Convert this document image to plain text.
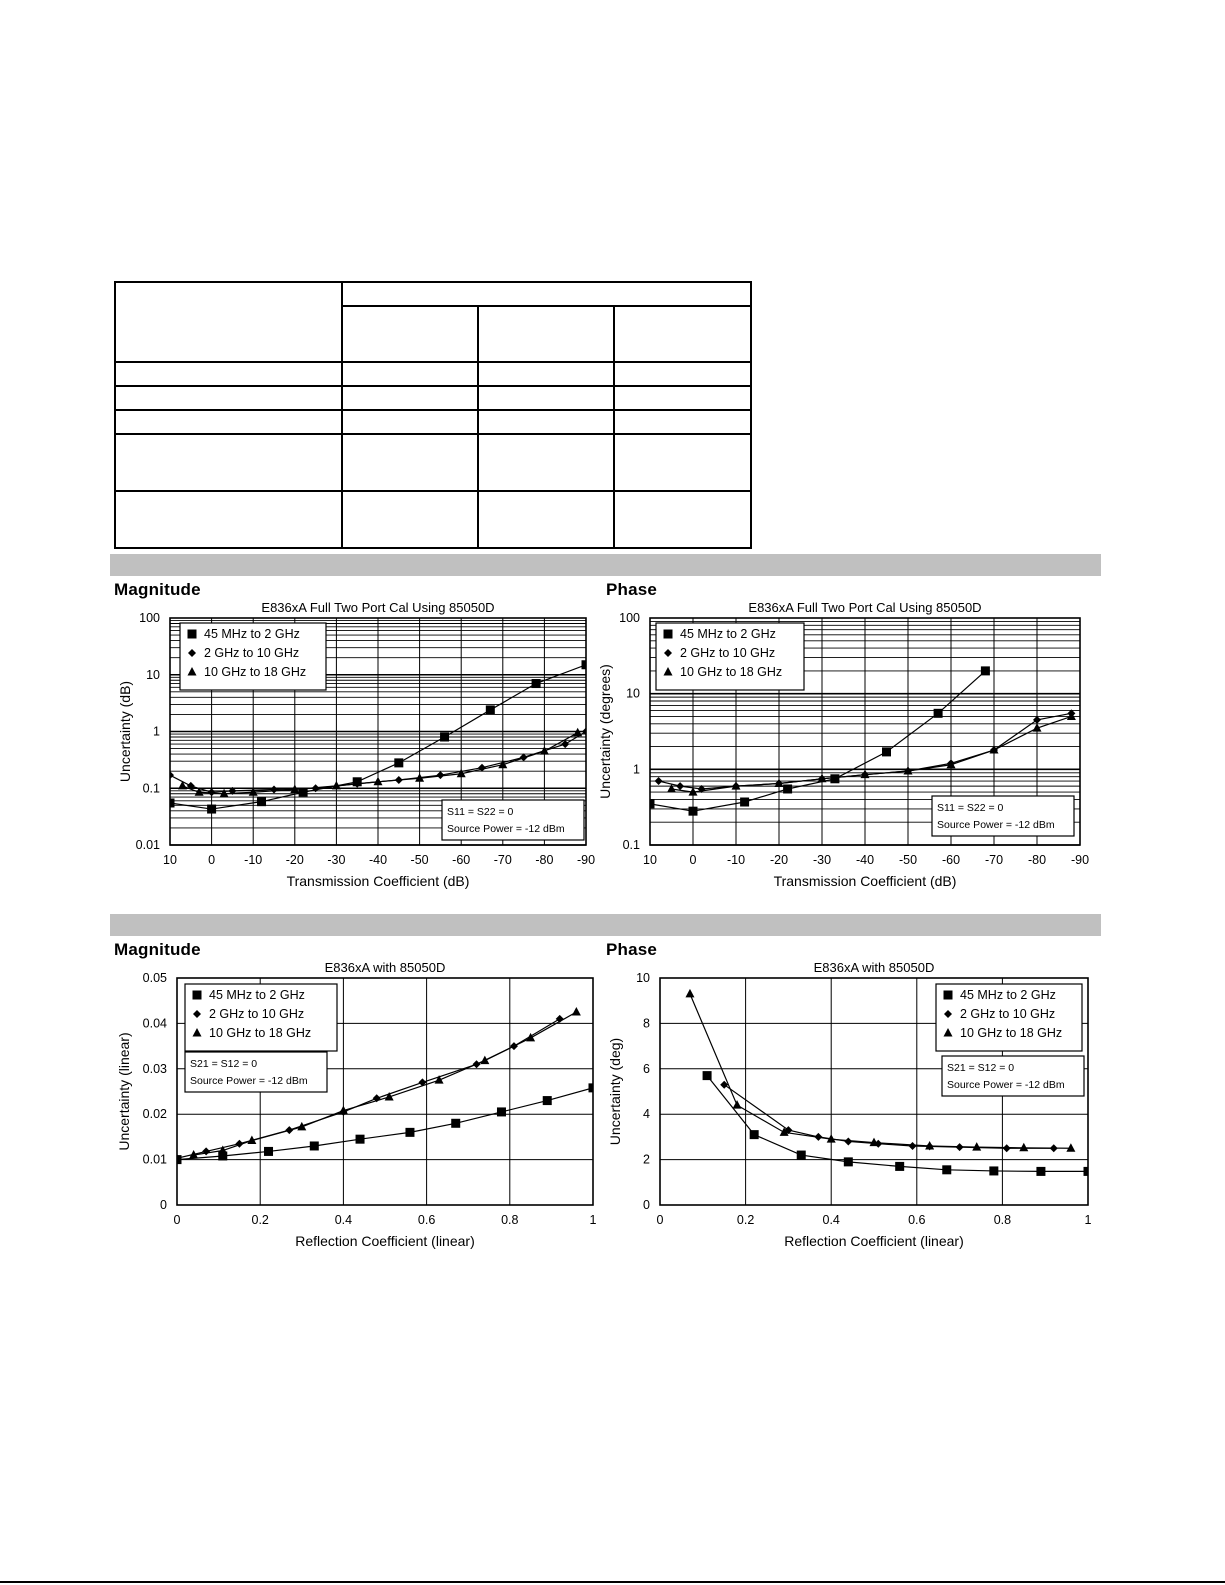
Magnitude	Phase
Magnitude	Phase
E836xA Full Two Port Cal Using 85050D
10 0 -10 -20 -30 -40 -50 -60 -70 -80 -90
0.01
0.1
1
10
100
Transmission Coefficient (dB)
Uncertainty (dB)
45 MHz to 2 GHz
2 GHz to 10 GHz
10 GHz to 18 GHz
S11 = S22 = 0
Source Power = -12 dBm
E836xA Full Two Port Cal Using 85050D
10	0 -10 -20 -30 -40 -50 -60 -70 -80 -90
0.1
1
10
100
Transmission Coefficient (dB)
Uncertainty (degrees)
45 MHz to 2 GHz
2 GHz to 10 GHz
10 GHz to 18 GHz
S11 = S22 = 0
Source Power = -12 dBm
E836xA with 85050D
0	0.2	0.4	0.6	0.8	1
0
0.01
0.02
0.03
0.04
0.05
Reflection Coefficient (linear)
Uncertainty (linear)
45 MHz to 2 GHz
2 GHz to 10 GHz
10 GHz to 18 GHz
S21 = S12 = 0
Source Power = -12 dBm
E836xA with 85050D
0	0.2	0.4	0.6	0.8	1
0
2
4
6
8
10
Reflection Coefficient (linear)
Uncertainty (deg)
45 MHz to 2 GHz
2 GHz to 10 GHz
10 GHz to 18 GHz
S21 = S12 = 0
Source Power = -12 dBm
